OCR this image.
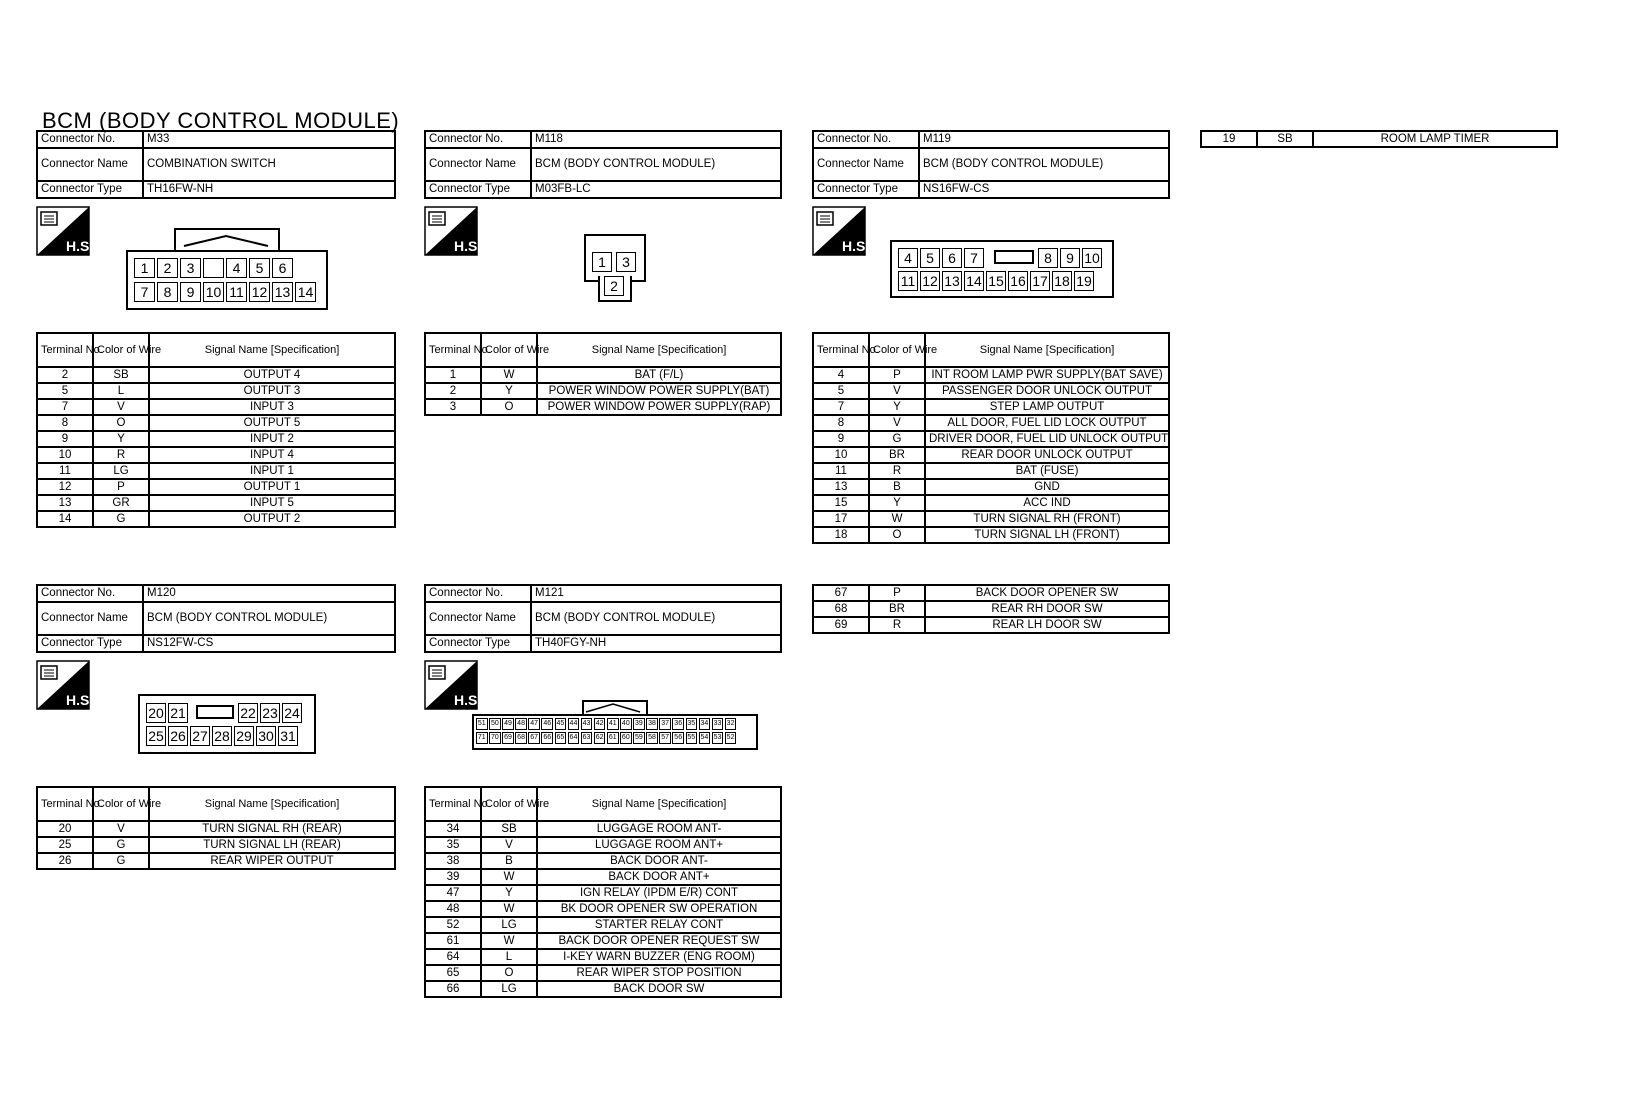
BCM (BODY CONTROL MODULE)
Connector No.	M33
Connector Name	COMBINATION SWITCH
Connector Type	TH16FW-NH
Connector No.	M118
Connector Name	BCM (BODY CONTROL MODULE)
Connector Type	M03FB-LC
Connector No.	M119
Connector Name	BCM (BODY CONTROL MODULE)
Connector Type	NS16FW-CS
Connector No.	M120
Connector Name	BCM (BODY CONTROL MODULE)
Connector Type	NS12FW-CS
Connector No.	M121
Connector Name	BCM (BODY CONTROL MODULE)
Connector Type	TH40FGY-NH
H.S.	H.S.	H.S.
H.S.	H.S.
1	2	3	4	5	6
7	8	9 10 11 12 13 14
1	3
2
4	5	6	7	8	9 10
11 12 13 14 15 16 17 18 19
20 21	22 23 24
25 26 27 28 29 30 31
51 50 49 48 47 46 45 44 43 42 41 40 39 38 37 36 35 34 33 32
71 70 69 68 67 66 65 64 63 62 61 60 59 58 57 56 55 54 53 52
Terminal No.	Color of Wire	Signal Name [Specification]
2	SB	OUTPUT 4
5	L	OUTPUT 3
7	V	INPUT 3
8	O	OUTPUT 5
9	Y	INPUT 2
10	R	INPUT 4
11	LG	INPUT 1
12	P	OUTPUT 1
13	GR	INPUT 5
14	G	OUTPUT 2
Terminal No.	Color of Wire	Signal Name [Specification]
1	W	BAT (F/L)
2	Y	POWER WINDOW POWER SUPPLY(BAT)
3	O	POWER WINDOW POWER SUPPLY(RAP)
Terminal No.	Color of Wire	Signal Name [Specification]
4	P	INT ROOM LAMP PWR SUPPLY(BAT SAVE)
5	V	PASSENGER DOOR UNLOCK OUTPUT
7	Y	STEP LAMP OUTPUT
8	V	ALL DOOR, FUEL LID LOCK OUTPUT
9	G	DRIVER DOOR, FUEL LID UNLOCK OUTPUT
10	BR	REAR DOOR UNLOCK OUTPUT
11	R	BAT (FUSE)
13	B	GND
15	Y	ACC IND
17	W	TURN SIGNAL RH (FRONT)
18	O	TURN SIGNAL LH (FRONT)
19	SB	ROOM LAMP TIMER
Terminal No.	Color of Wire	Signal Name [Specification]
20	V	TURN SIGNAL RH (REAR)
25	G	TURN SIGNAL LH (REAR)
26	G	REAR WIPER OUTPUT
Terminal No.	Color of Wire	Signal Name [Specification]
34	SB	LUGGAGE ROOM ANT-
35	V	LUGGAGE ROOM ANT+
38	B	BACK DOOR ANT-
39	W	BACK DOOR ANT+
47	Y	IGN RELAY (IPDM E/R) CONT
48	W	BK DOOR OPENER SW OPERATION
52	LG	STARTER RELAY CONT
61	W	BACK DOOR OPENER REQUEST SW
64	L	I-KEY WARN BUZZER (ENG ROOM)
65	O	REAR WIPER STOP POSITION
66	LG	BACK DOOR SW
67	P	BACK DOOR OPENER SW
68	BR	REAR RH DOOR SW
69	R	REAR LH DOOR SW
